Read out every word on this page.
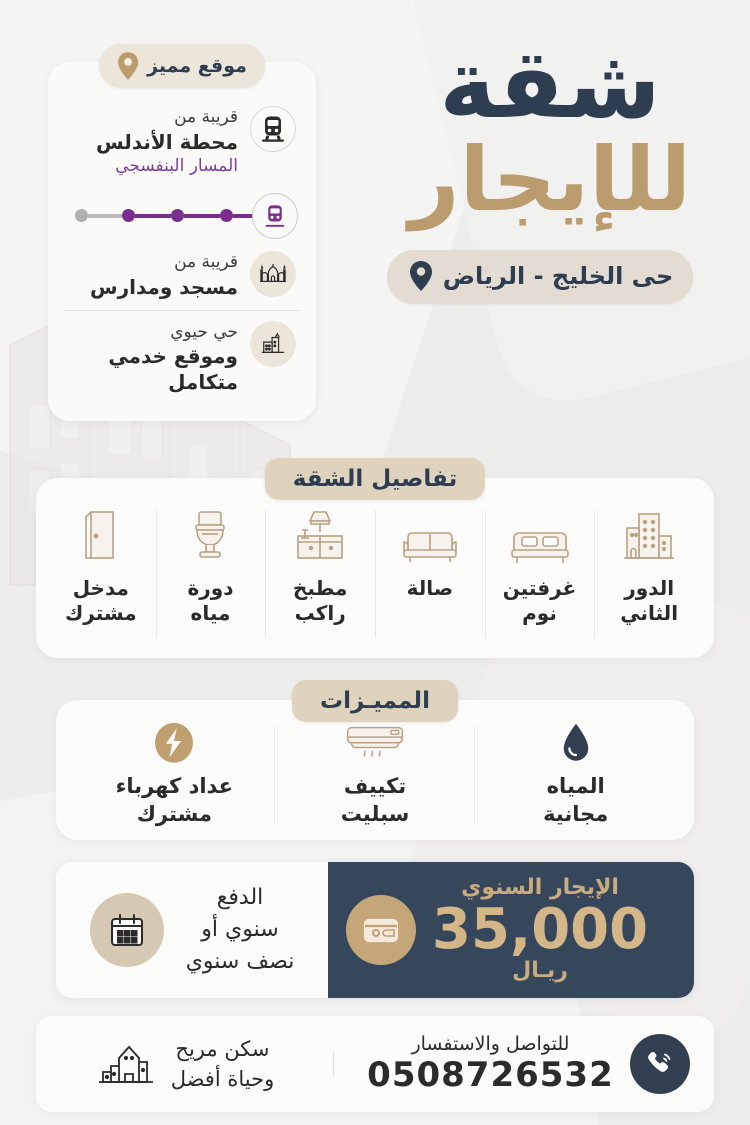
شقة
للإيجار
حى الخليج - الرياض
موقع مميز
قريبة من
محطة الأندلس
المسار البنفسجي
قريبة من
مسجد ومدارس
حي حيوي
وموقع خدمي متكامل
تفاصيل الشقة
الدور
الثاني
غرفتين
نوم
صالة
مطبخ
راكب
دورة
مياه
مدخل
مشترك
المميـزات
المياه
مجانية
تكييف
سبليت
عداد كهرباء
مشترك
الإيجار السنوي
35,000
ريـال
الدفع
سنوي أو
نصف سنوي
للتواصل والاستفسار
0508726532
سكن مريح
وحياة أفضل
